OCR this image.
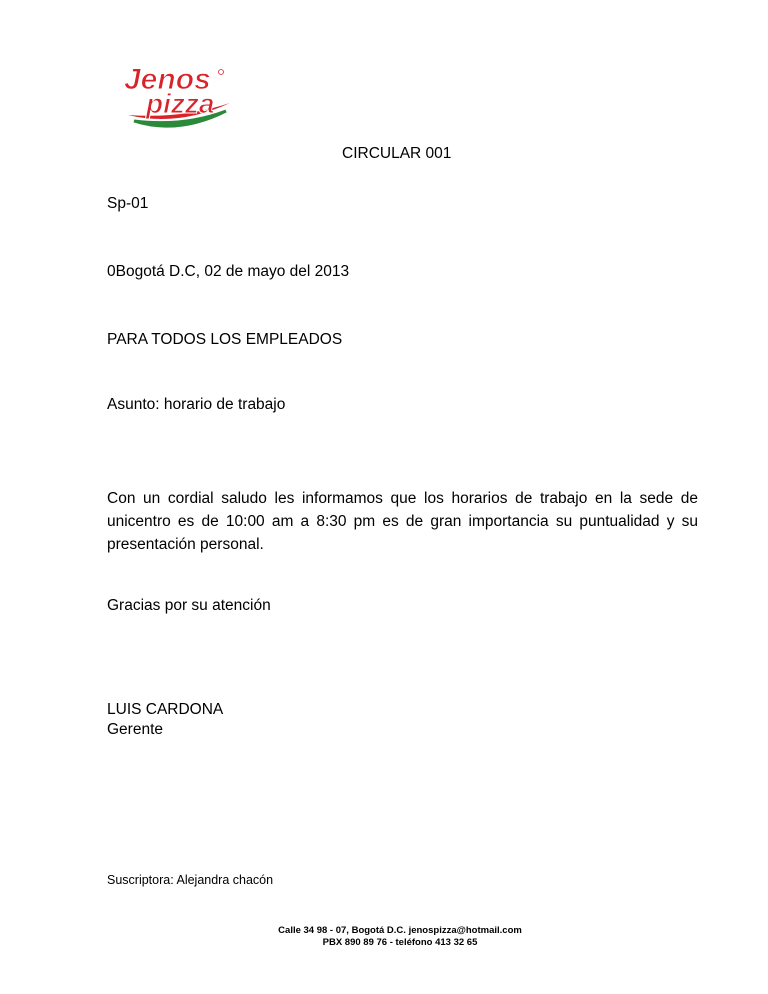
Jenos
pizza
CIRCULAR 001
Sp-01
0Bogotá D.C, 02 de mayo del 2013
PARA TODOS LOS EMPLEADOS
Asunto: horario de trabajo
Con un cordial saludo les informamos que los horarios de trabajo en la sede de
unicentro es de 10:00 am a 8:30 pm es de gran importancia su puntualidad y su
presentación personal.
Gracias por su atención
LUIS CARDONA
Gerente
Suscriptora: Alejandra chacón
Calle 34 98 - 07, Bogotá D.C. jenospizza@hotmail.com
PBX 890 89 76 - teléfono 413 32 65
